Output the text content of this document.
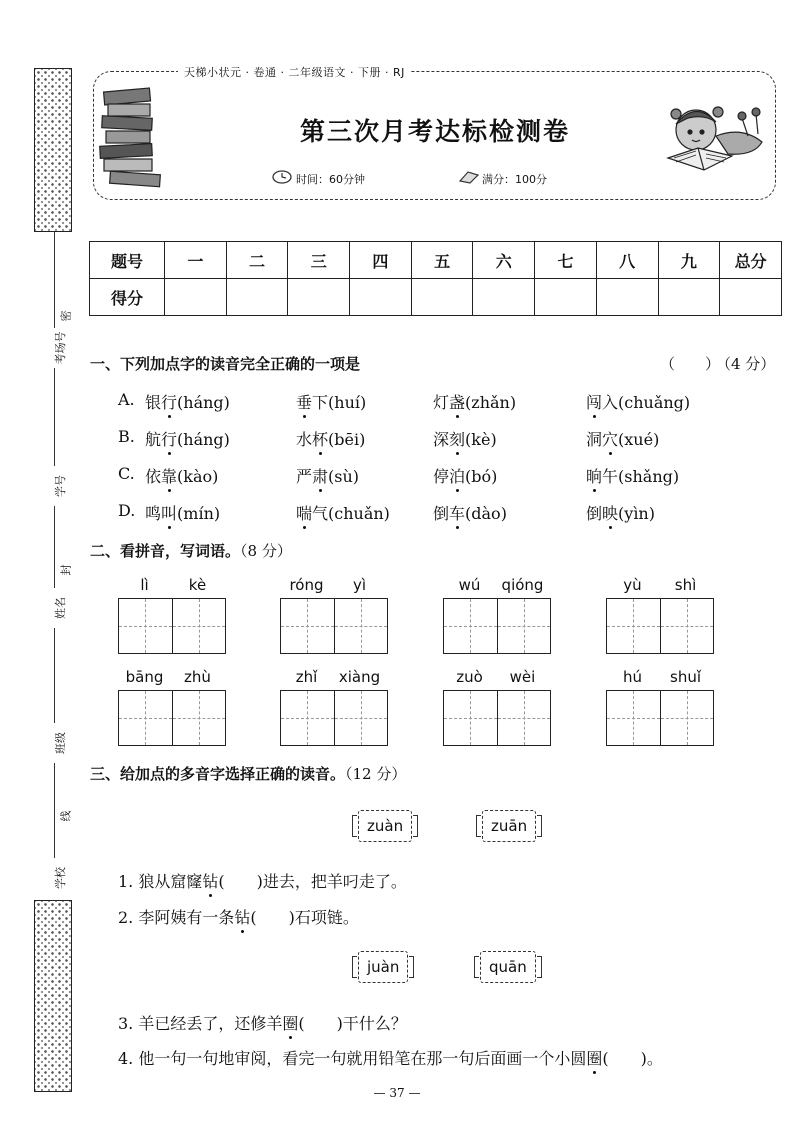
考场号
学号
姓名
班级
学校
密
封
线
天梯小状元 · 卷通 · 二年级语文 · 下册 · RJ
第三次月考达标检测卷
时间：60分钟	满分：100分
题号	一	二	三	四	五	六	七	八	九	总分
得分										
一、下列加点字的读音完全正确的一项是	（　　）
（4 分）
A. 银行(háng)	垂下(huí)	灯盏(zhǎn)	闯入(chuǎng)
B. 航行(háng)	水杯(bēi)	深刻(kè)	洞穴(xué)
C. 依靠(kào)	严肃(sù)	停泊(bó)	晌午(shǎng)
D. 鸣叫(mín)	喘气(chuǎn)	倒车(dào)	倒映(yìn)
二、看拼音，写词语。（8 分）
lì	kè	róng	yì	wú	qióng	yù	shì
bāng	zhù	zhǐ	xiàng	zuò	wèi	hú	shuǐ
三、给加点的多音字选择正确的读音。（12 分）
zuàn	zuān
1. 狼从窟窿钻(　　)进去，把羊叼走了。
2. 李阿姨有一条钻(　　)石项链。
juàn	quān
3. 羊已经丢了，还修羊圈(　　)干什么？
4. 他一句一句地审阅，看完一句就用铅笔在那一句后面画一个小圆圈(　　)。
— 37 —
